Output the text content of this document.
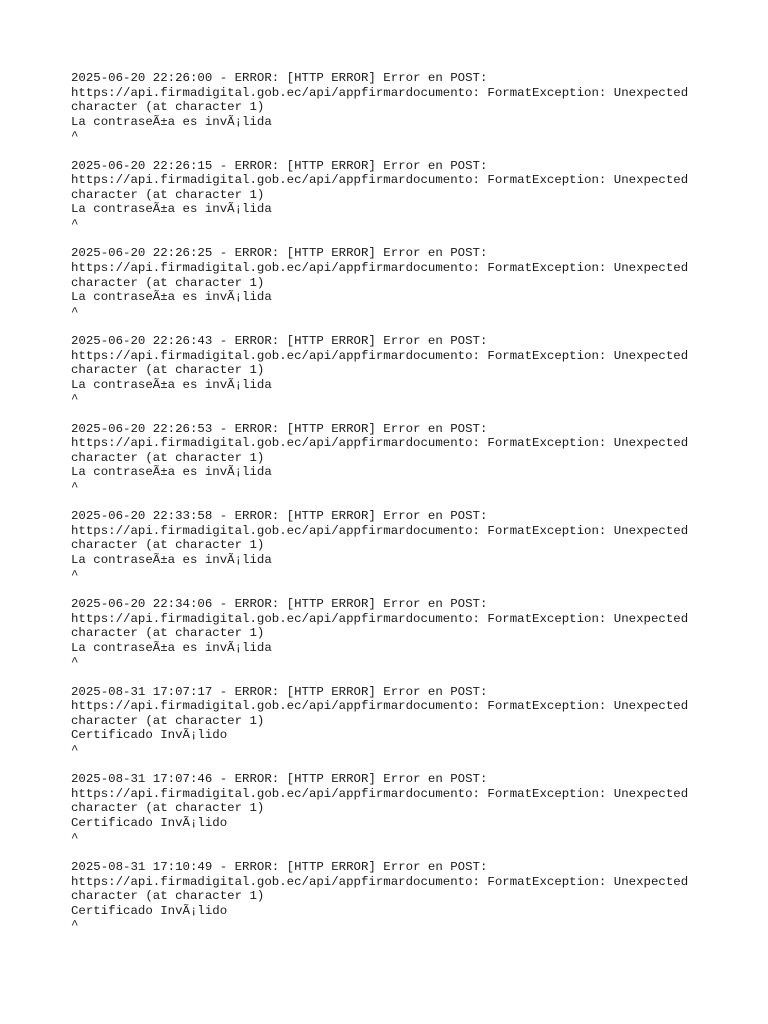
2025-06-20 22:26:00 - ERROR: [HTTP ERROR] Error en POST:
https://api.firmadigital.gob.ec/api/appfirmardocumento: FormatException: Unexpected
character (at character 1)
La contraseÃ±a es invÃ¡lida
^
2025-06-20 22:26:15 - ERROR: [HTTP ERROR] Error en POST:
https://api.firmadigital.gob.ec/api/appfirmardocumento: FormatException: Unexpected
character (at character 1)
La contraseÃ±a es invÃ¡lida
^
2025-06-20 22:26:25 - ERROR: [HTTP ERROR] Error en POST:
https://api.firmadigital.gob.ec/api/appfirmardocumento: FormatException: Unexpected
character (at character 1)
La contraseÃ±a es invÃ¡lida
^
2025-06-20 22:26:43 - ERROR: [HTTP ERROR] Error en POST:
https://api.firmadigital.gob.ec/api/appfirmardocumento: FormatException: Unexpected
character (at character 1)
La contraseÃ±a es invÃ¡lida
^
2025-06-20 22:26:53 - ERROR: [HTTP ERROR] Error en POST:
https://api.firmadigital.gob.ec/api/appfirmardocumento: FormatException: Unexpected
character (at character 1)
La contraseÃ±a es invÃ¡lida
^
2025-06-20 22:33:58 - ERROR: [HTTP ERROR] Error en POST:
https://api.firmadigital.gob.ec/api/appfirmardocumento: FormatException: Unexpected
character (at character 1)
La contraseÃ±a es invÃ¡lida
^
2025-06-20 22:34:06 - ERROR: [HTTP ERROR] Error en POST:
https://api.firmadigital.gob.ec/api/appfirmardocumento: FormatException: Unexpected
character (at character 1)
La contraseÃ±a es invÃ¡lida
^
2025-08-31 17:07:17 - ERROR: [HTTP ERROR] Error en POST:
https://api.firmadigital.gob.ec/api/appfirmardocumento: FormatException: Unexpected
character (at character 1)
Certificado InvÃ¡lido
^
2025-08-31 17:07:46 - ERROR: [HTTP ERROR] Error en POST:
https://api.firmadigital.gob.ec/api/appfirmardocumento: FormatException: Unexpected
character (at character 1)
Certificado InvÃ¡lido
^
2025-08-31 17:10:49 - ERROR: [HTTP ERROR] Error en POST:
https://api.firmadigital.gob.ec/api/appfirmardocumento: FormatException: Unexpected
character (at character 1)
Certificado InvÃ¡lido
^
